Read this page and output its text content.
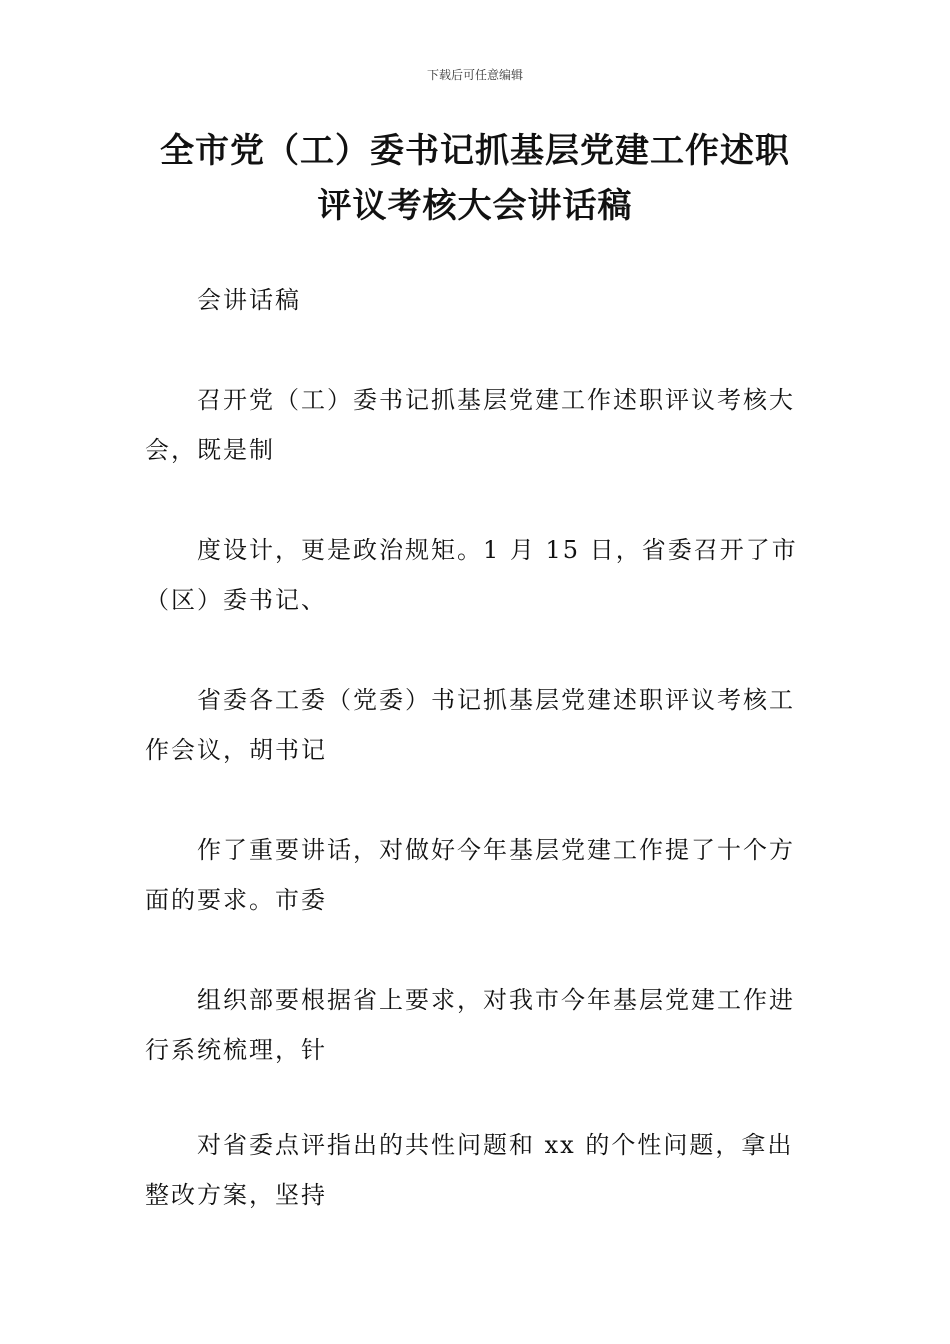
下载后可任意编辑
全市党（工）委书记抓基层党建工作述职
评议考核大会讲话稿

会讲话稿

召开党（工）委书记抓基层党建工作述职评议考核大
会，既是制

度设计，更是政治规矩。1 月 15 日，省委召开了市
（区）委书记、

省委各工委（党委）书记抓基层党建述职评议考核工
作会议，胡书记

作了重要讲话，对做好今年基层党建工作提了十个方
面的要求。市委

组织部要根据省上要求，对我市今年基层党建工作进
行系统梳理，针

对省委点评指出的共性问题和 xx 的个性问题，拿出
整改方案，坚持
